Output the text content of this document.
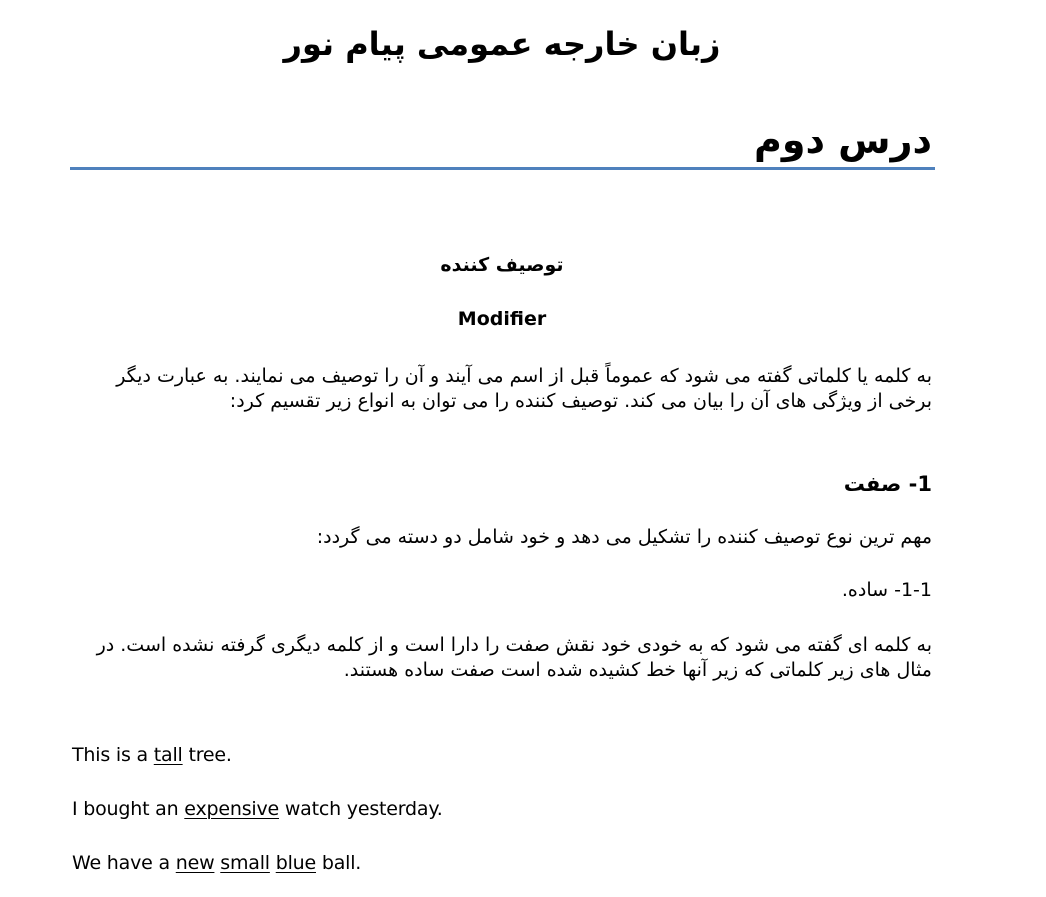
زبان خارجه عمومی پیام نور
درس دوم

توصیف کننده

Modifier

به کلمه یا کلماتی گفته می شود که عموماً قبل از اسم می آیند و آن را توصیف می نمایند. به عبارت دیگر برخی از ویژگی های آن را بیان می کند. توصیف کننده را می توان به انواع زیر تقسیم کرد:

1- صفت

مهم ترین نوع توصیف کننده را تشکیل می دهد و خود شامل دو دسته می گردد:

1-1- ساده.

به کلمه ای گفته می شود که به خودی خود نقش صفت را دارا است و از کلمه دیگری گرفته نشده است. در مثال های زیر کلماتی که زیر آنها خط کشیده شده است صفت ساده هستند.

This is a tall tree.

I bought an expensive watch yesterday.

We have a new small blue ball.
